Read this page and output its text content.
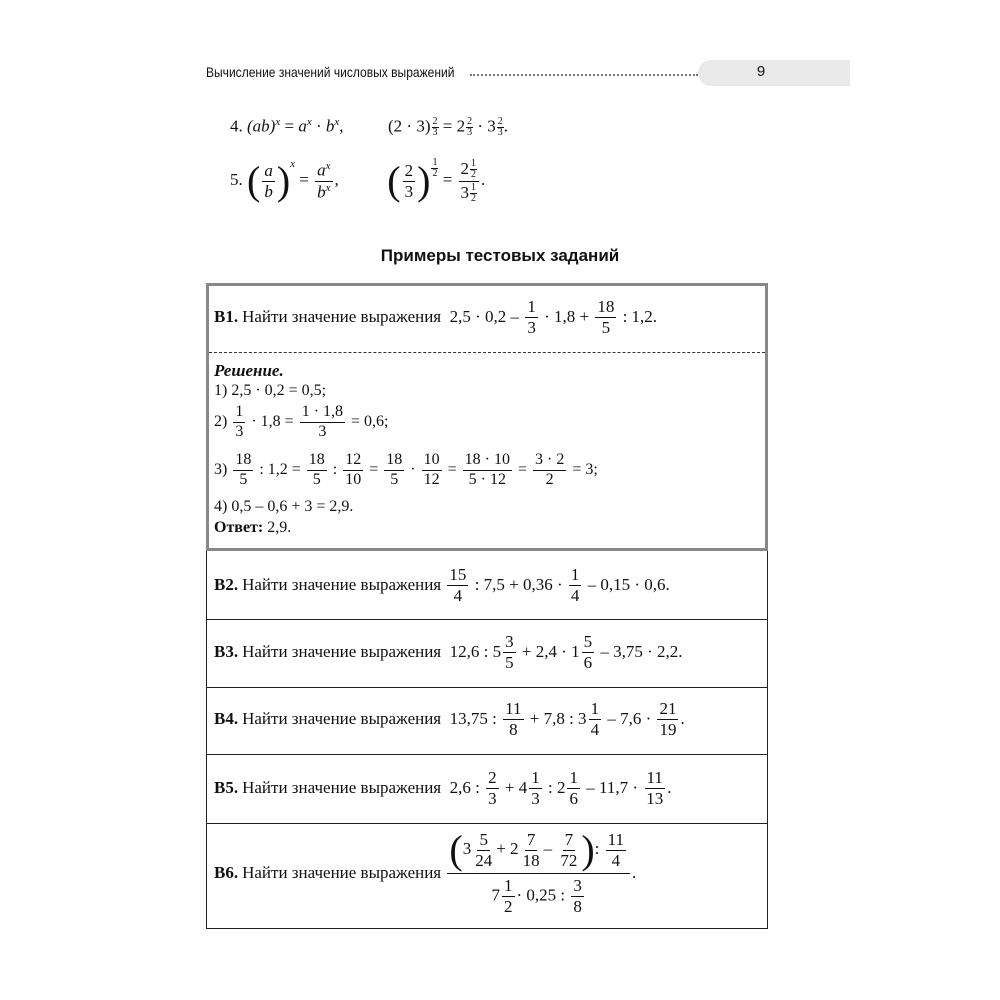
Вычисление значений числовых выражений	9
4. $(ab)^x = a^x \cdot b^x$,  $(2 \cdot 3) \frac{2}{3} = 2 \frac{2}{3} \cdot 3 \frac{2}{3}$ .
5. ( $\frac{a}{b} )^x = \frac{a^x}{b^x}$ ,  ( $\frac{2}{3}$ ) $\frac{1}{2}$
= $\frac{2 \frac{1}{2}}{3 \frac{1}{2}}$ .
Примеры тестовых заданий
В1. Найти значение выражения $2,5 \cdot 0,2 - \frac{1}{3} \cdot 1,8 + \frac{18}{5}$ : 1,2.
Решение.
1) 2,5 · 0,2 = 0,5;
$2) \frac{1}{3} \cdot 1,8 = \frac{1 \cdot 1,8}{3} = 0,6$;
$3) \frac{18}{5}$ : $1,2 = \frac{18}{5}$ : $\frac{12}{10} = \frac{18}{5} \cdot \frac{10}{12} = \frac{18 \cdot 10}{5 \cdot 12} = \frac{3 \cdot 2}{2} = 3$;
4) 0,5 – 0,6 + 3 = 2,9.
Ответ: 2,9.
В2. Найти значение выражения
$\frac{15}{4}$ : $7,5 + 0,36 \cdot \frac{1}{4} - 0,15 \cdot 0,6$.
В3. Найти значение выражения 12,6 : $5 \frac{3}{5} + 2,4 \cdot 1 \frac{5}{6} - 3,75 \cdot 2,2$.
В4. Найти значение выражения 13,75 : $\frac{11}{8} + 7,8$ : $3 \frac{1}{4} - 7,6 \cdot \frac{21}{19}$ .
В5. Найти значение выражения 2,6 : $\frac{2}{3} + 4 \frac{1}{3}$ : $2 \frac{1}{6} - 11,7 \cdot \frac{11}{13}$ .
В6. Найти значение выражения
$\frac{(3 \frac{5}{24} + 2 \frac{7}{18} - \frac{7}{72} ): \frac{11}{4}}{7 \frac{1}{2} \cdot 0,25 : \frac{3}{8}}$ .
